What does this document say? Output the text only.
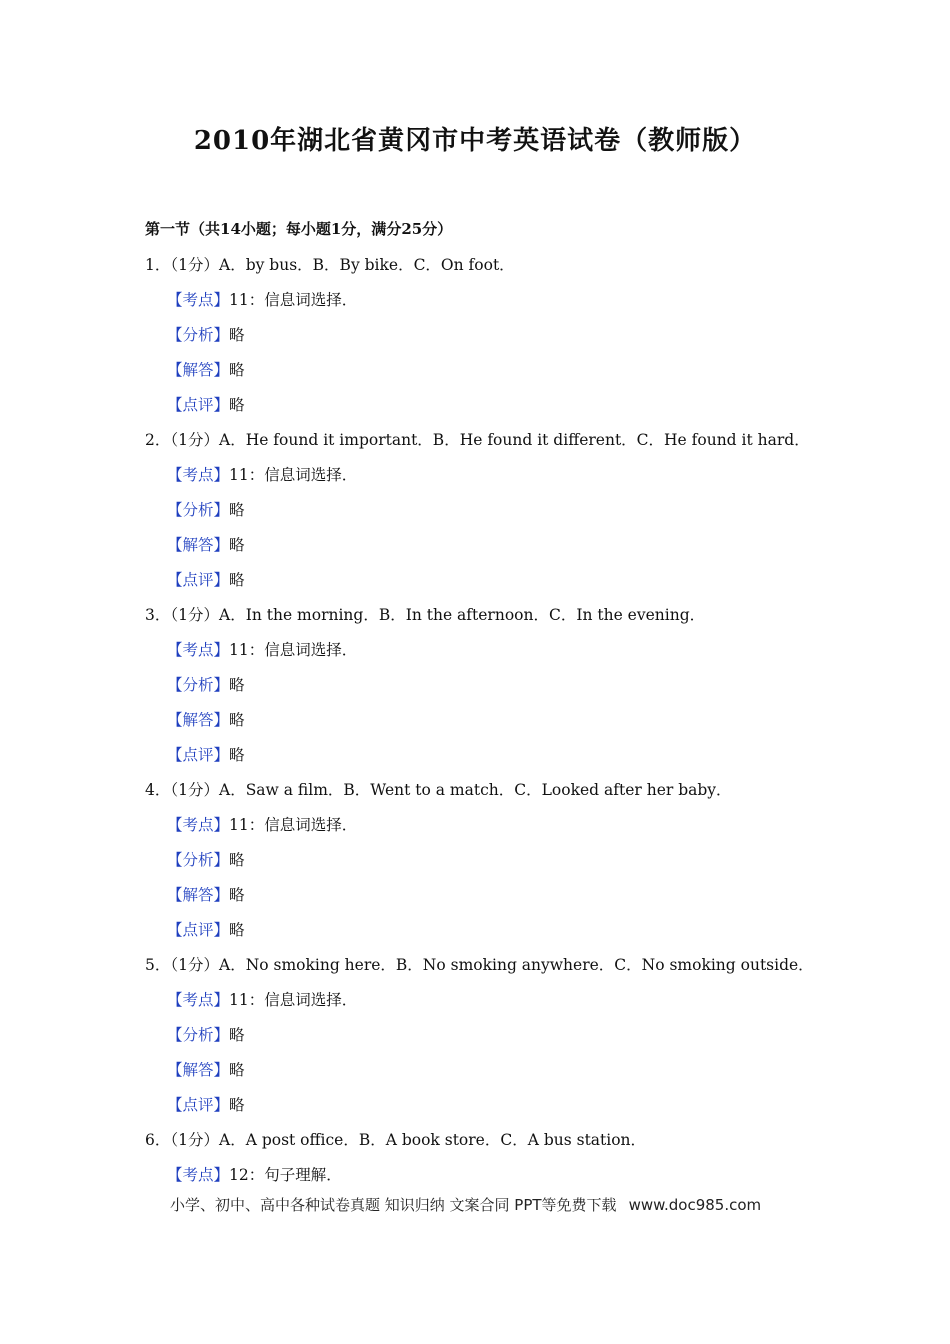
2010年湖北省黄冈市中考英语试卷（教师版）
第一节（共14小题；每小题1分，满分25分）
1．（1分）A．by bus．B．By bike．C．On foot．
【考点】11：信息词选择．
【分析】略
【解答】略
【点评】略
2．（1分）A．He found it important．B．He found it different．C．He found it hard．
【考点】11：信息词选择．
【分析】略
【解答】略
【点评】略
3．（1分）A．In the morning．B．In the afternoon．C．In the evening．
【考点】11：信息词选择．
【分析】略
【解答】略
【点评】略
4．（1分）A．Saw a film．B．Went to a match．C．Looked after her baby．
【考点】11：信息词选择．
【分析】略
【解答】略
【点评】略
5．（1分）A．No smoking here．B．No smoking anywhere．C．No smoking outside．
【考点】11：信息词选择．
【分析】略
【解答】略
【点评】略
6．（1分）A．A post office．B．A book store．C．A bus station．
【考点】12：句子理解．
小学、初中、高中各种试卷真题 知识归纳 文案合同 PPT等免费下载 www.doc985.com
